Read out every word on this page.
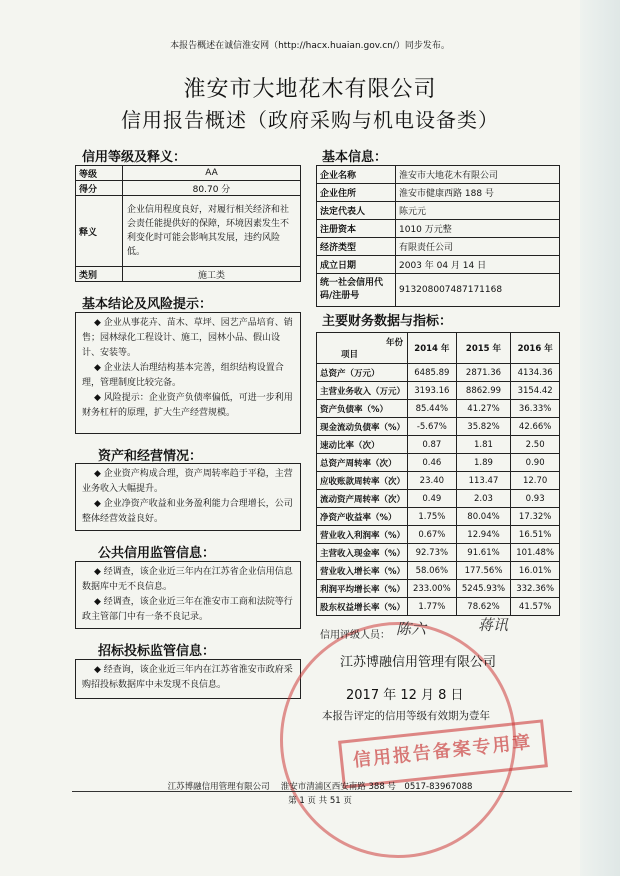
本报告概述在诚信淮安网（http://hacx.huaian.gov.cn/）同步发布。
淮安市大地花木有限公司
信用报告概述（政府采购与机电设备类）
信用等级及释义：
等级	AA
得分	80.70 分
释义	企业信用程度良好，对履行相关经济和社会责任能提供好的保障，环境因素发生不利变化时可能会影响其发展，违约风险低。
类别	施工类
基本结论及风险提示：

◆ 企业从事花卉、苗木、草坪、园艺产品培育、销售；园林绿化工程设计、施工，园林小品、假山设计、安装等。

◆ 企业法人治理结构基本完善，组织结构设置合理，管理制度比较完备。

◆ 风险提示：企业资产负债率偏低，可进一步利用财务杠杆的原理，扩大生产经营规模。

资产和经营情况：

◆ 企业资产构成合理，资产周转率趋于平稳，主营业务收入大幅提升。

◆ 企业净资产收益和业务盈利能力合理增长，公司整体经营效益良好。

公共信用监管信息：

◆ 经调查，该企业近三年内在江苏省企业信用信息数据库中无不良信息。

◆ 经调查，该企业近三年在淮安市工商和法院等行政主管部门中有一条不良记录。

招标投标监管信息：

◆ 经查询，该企业近三年内在江苏省淮安市政府采购招投标数据库中未发现不良信息。

基本信息：
企业名称	淮安市大地花木有限公司
企业住所	淮安市健康西路 188 号
法定代表人	陈元元
注册资本	1010 万元整
经济类型	有限责任公司
成立日期	2003 年 04 月 14 日
统一社会信用代码/注册号	913208007487171168
主要财务数据与指标：
年份
项目	2014 年	2015 年	2016 年
总资产（万元）	6485.89	2871.36	4134.36
主营业务收入（万元）	3193.16	8862.99	3154.42
资产负债率（%）	85.44%	41.27%	36.33%
现金流动负债率（%）	-5.67%	35.82%	42.66%
速动比率（次）	0.87	1.81	2.50
总资产周转率（次）	0.46	1.89	0.90
应收账款周转率（次）	23.40	113.47	12.70
流动资产周转率（次）	0.49	2.03	0.93
净资产收益率（%）	1.75%	80.04%	17.32%
营业收入利润率（%）	0.67%	12.94%	16.51%
主营收入现金率（%）	92.73%	91.61%	101.48%
营业收入增长率（%）	58.06%	177.56%	16.01%
利润平均增长率（%）	233.00%	5245.93%	332.36%
股东权益增长率（%）	1.77%	78.62%	41.57%
信用评级人员： 陈六	蒋讯
江苏博融信用管理有限公司
2017 年 12 月 8 日
本报告评定的信用等级有效期为壹年
信用报告备案专用章
江苏博融信用管理有限公司　 淮安市清浦区西安南路 388 号　0517-83967088
第 1 页 共 51 页
